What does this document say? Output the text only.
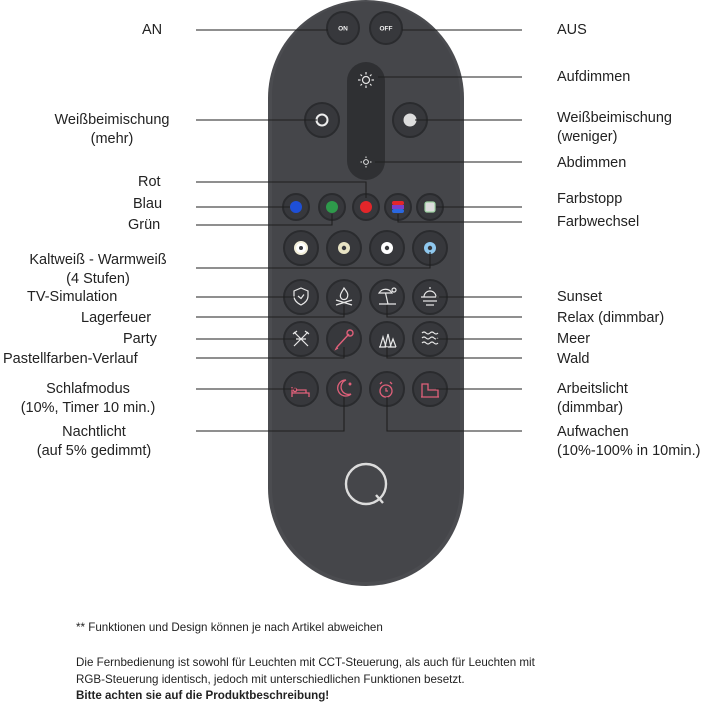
ON	OFF
AN
Weißbeimischung
(mehr)
Rot
Blau
Grün
Kaltweiß - Warmweiß
(4 Stufen)
TV-Simulation
Lagerfeuer
Party
Pastellfarben-Verlauf
Schlafmodus
(10%, Timer 10 min.)
Nachtlicht
(auf 5% gedimmt)
AUS
Aufdimmen
Weißbeimischung
(weniger)
Abdimmen
Farbstopp
Farbwechsel
Sunset
Relax (dimmbar)
Meer
Wald
Arbeitslicht
(dimmbar)
Aufwachen
(10%-100% in 10min.)
** Funktionen und Design können je nach Artikel abweichen
Die Fernbedienung ist sowohl für Leuchten mit CCT-Steuerung, als auch für Leuchten mit
RGB-Steuerung identisch, jedoch mit unterschiedlichen Funktionen besetzt.
Bitte achten sie auf die Produktbeschreibung!
